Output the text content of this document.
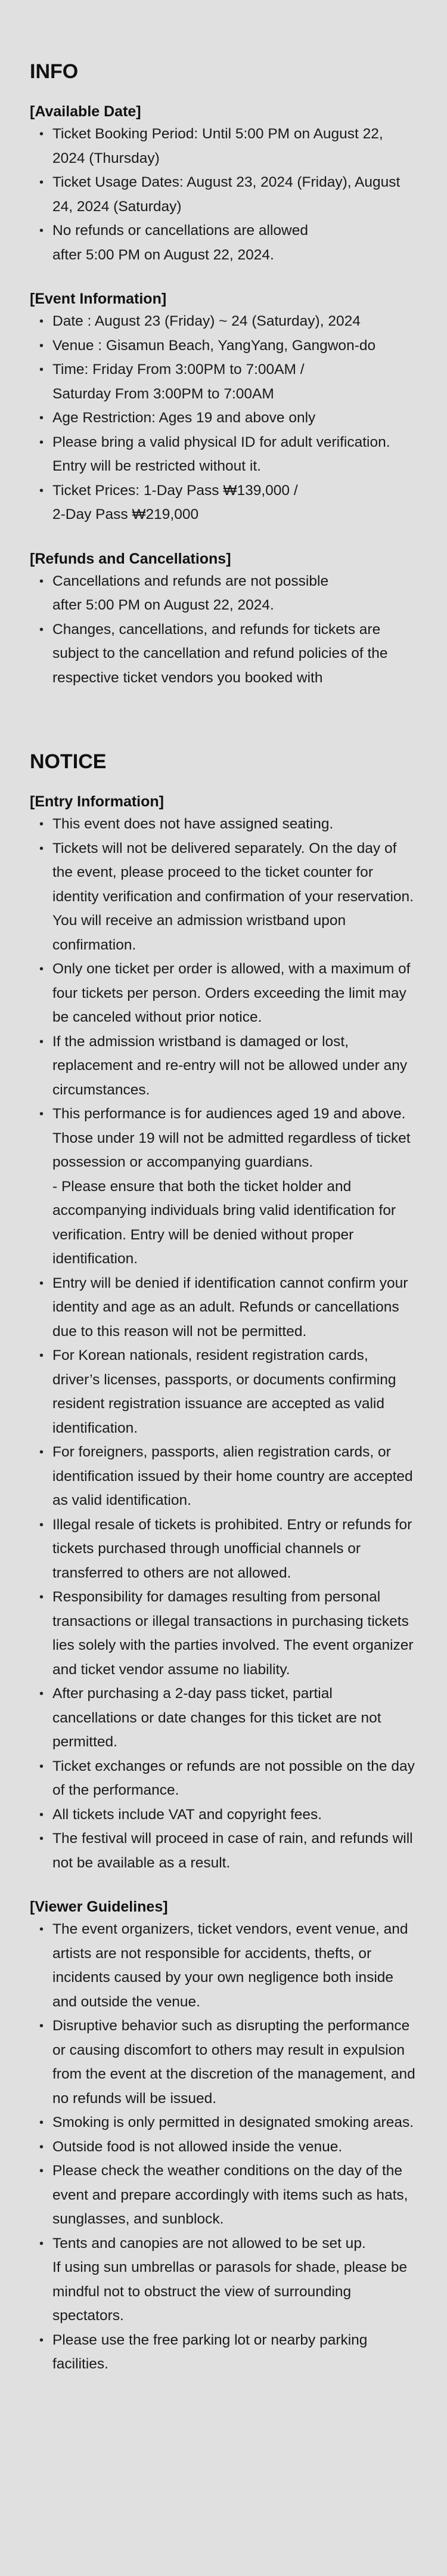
INFO
[Available Date]
• Ticket Booking Period: Until 5:00 PM on August 22, 2024 (Thursday)
• Ticket Usage Dates: August 23, 2024 (Friday), August 24, 2024 (Saturday)
• No refunds or cancellations are allowed
after 5:00 PM on August 22, 2024.
[Event Information]
• Date : August 23 (Friday) ~ 24 (Saturday), 2024
• Venue : Gisamun Beach, YangYang, Gangwon-do
• Time: Friday From 3:00PM to 7:00AM /
Saturday From 3:00PM to 7:00AM
• Age Restriction: Ages 19 and above only
• Please bring a valid physical ID for adult verification. Entry will be restricted without it.
• Ticket Prices: 1-Day Pass ₩139,000 /
2-Day Pass ₩219,000
[Refunds and Cancellations]
• Cancellations and refunds are not possible
after 5:00 PM on August 22, 2024.
• Changes, cancellations, and refunds for tickets are subject to the cancellation and refund policies of the respective ticket vendors you booked with
NOTICE
[Entry Information]
• This event does not have assigned seating.
• Tickets will not be delivered separately. On the day of the event, please proceed to the ticket counter for identity verification and confirmation of your reservation. You will receive an admission wristband upon confirmation.
• Only one ticket per order is allowed, with a maximum of four tickets per person. Orders exceeding the limit may be canceled without prior notice.
• If the admission wristband is damaged or lost, replacement and re-entry will not be allowed under any circumstances.
• This performance is for audiences aged 19 and above. Those under 19 will not be admitted regardless of ticket possession or accompanying guardians.
- Please ensure that both the ticket holder and accompanying individuals bring valid identification for verification. Entry will be denied without proper identification.
• Entry will be denied if identification cannot confirm your identity and age as an adult. Refunds or cancellations due to this reason will not be permitted.
• For Korean nationals, resident registration cards, driver’s licenses, passports, or documents confirming resident registration issuance are accepted as valid identification.
• For foreigners, passports, alien registration cards, or identification issued by their home country are accepted as valid identification.
• Illegal resale of tickets is prohibited. Entry or refunds for tickets purchased through unofficial channels or transferred to others are not allowed.
• Responsibility for damages resulting from personal transactions or illegal transactions in purchasing tickets lies solely with the parties involved. The event organizer and ticket vendor assume no liability.
• After purchasing a 2-day pass ticket, partial cancellations or date changes for this ticket are not permitted.
• Ticket exchanges or refunds are not possible on the day of the performance.
• All tickets include VAT and copyright fees.
• The festival will proceed in case of rain, and refunds will not be available as a result.
[Viewer Guidelines]
• The event organizers, ticket vendors, event venue, and artists are not responsible for accidents, thefts, or incidents caused by your own negligence both inside and outside the venue.
• Disruptive behavior such as disrupting the performance or causing discomfort to others may result in expulsion from the event at the discretion of the management, and no refunds will be issued.
• Smoking is only permitted in designated smoking areas.
• Outside food is not allowed inside the venue.
• Please check the weather conditions on the day of the event and prepare accordingly with items such as hats, sunglasses, and sunblock.
• Tents and canopies are not allowed to be set up.
If using sun umbrellas or parasols for shade, please be mindful not to obstruct the view of surrounding spectators.
• Please use the free parking lot or nearby parking facilities.
